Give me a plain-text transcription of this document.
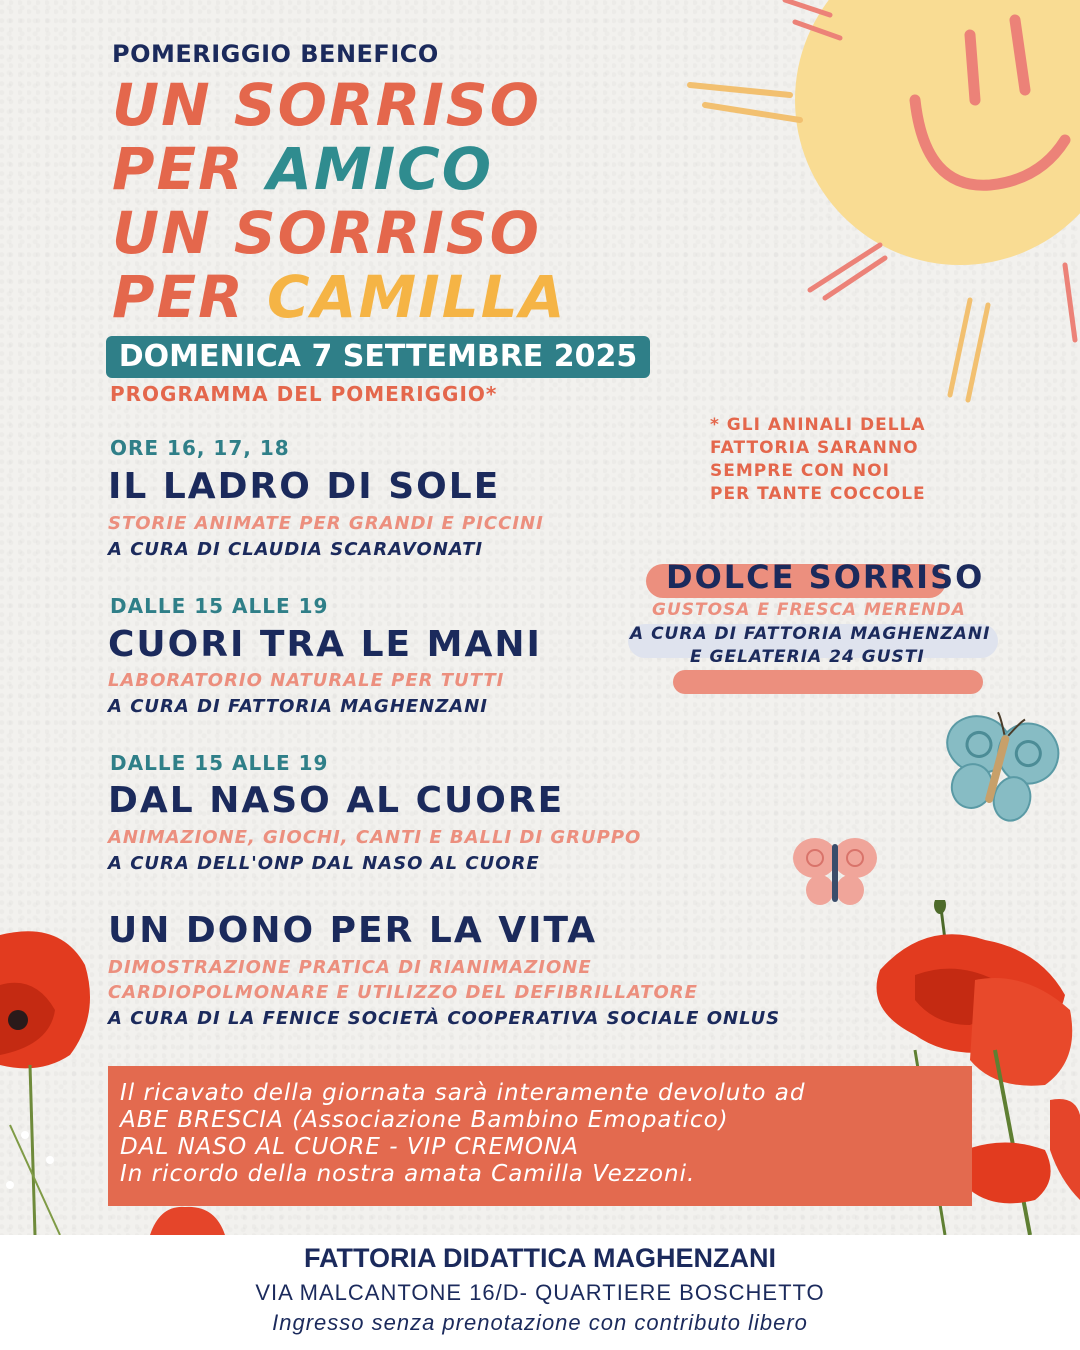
POMERIGGIO BENEFICO
UN SORRISO
PER AMICO
UN SORRISO
PER CAMILLA
DOMENICA 7 SETTEMBRE 2025
PROGRAMMA DEL POMERIGGIO*
ORE 16, 17, 18
IL LADRO DI SOLE
STORIE ANIMATE PER GRANDI E PICCINI
A CURA DI CLAUDIA SCARAVONATI
DALLE 15 ALLE 19
CUORI TRA LE MANI
LABORATORIO NATURALE PER TUTTI
A CURA DI FATTORIA MAGHENZANI
DALLE 15 ALLE 19
DAL NASO AL CUORE
ANIMAZIONE, GIOCHI, CANTI E BALLI DI GRUPPO
A CURA DELL'ONP DAL NASO AL CUORE
UN DONO PER LA VITA
DIMOSTRAZIONE PRATICA DI RIANIMAZIONE
CARDIOPOLMONARE E UTILIZZO DEL DEFIBRILLATORE
A CURA DI LA FENICE SOCIETÀ COOPERATIVA SOCIALE ONLUS
* GLI ANINALI DELLA
FATTORIA SARANNO
SEMPRE CON NOI
PER TANTE COCCOLE
DOLCE SORRISO
GUSTOSA E FRESCA MERENDA
A CURA DI FATTORIA MAGHENZANI
E GELATERIA 24 GUSTI
Il ricavato della giornata sarà interamente devoluto ad
ABE BRESCIA (Associazione Bambino Emopatico)
DAL NASO AL CUORE - VIP CREMONA
In ricordo della nostra amata Camilla Vezzoni.
FATTORIA DIDATTICA MAGHENZANI
VIA MALCANTONE 16/D- QUARTIERE BOSCHETTO
Ingresso senza prenotazione con contributo libero
